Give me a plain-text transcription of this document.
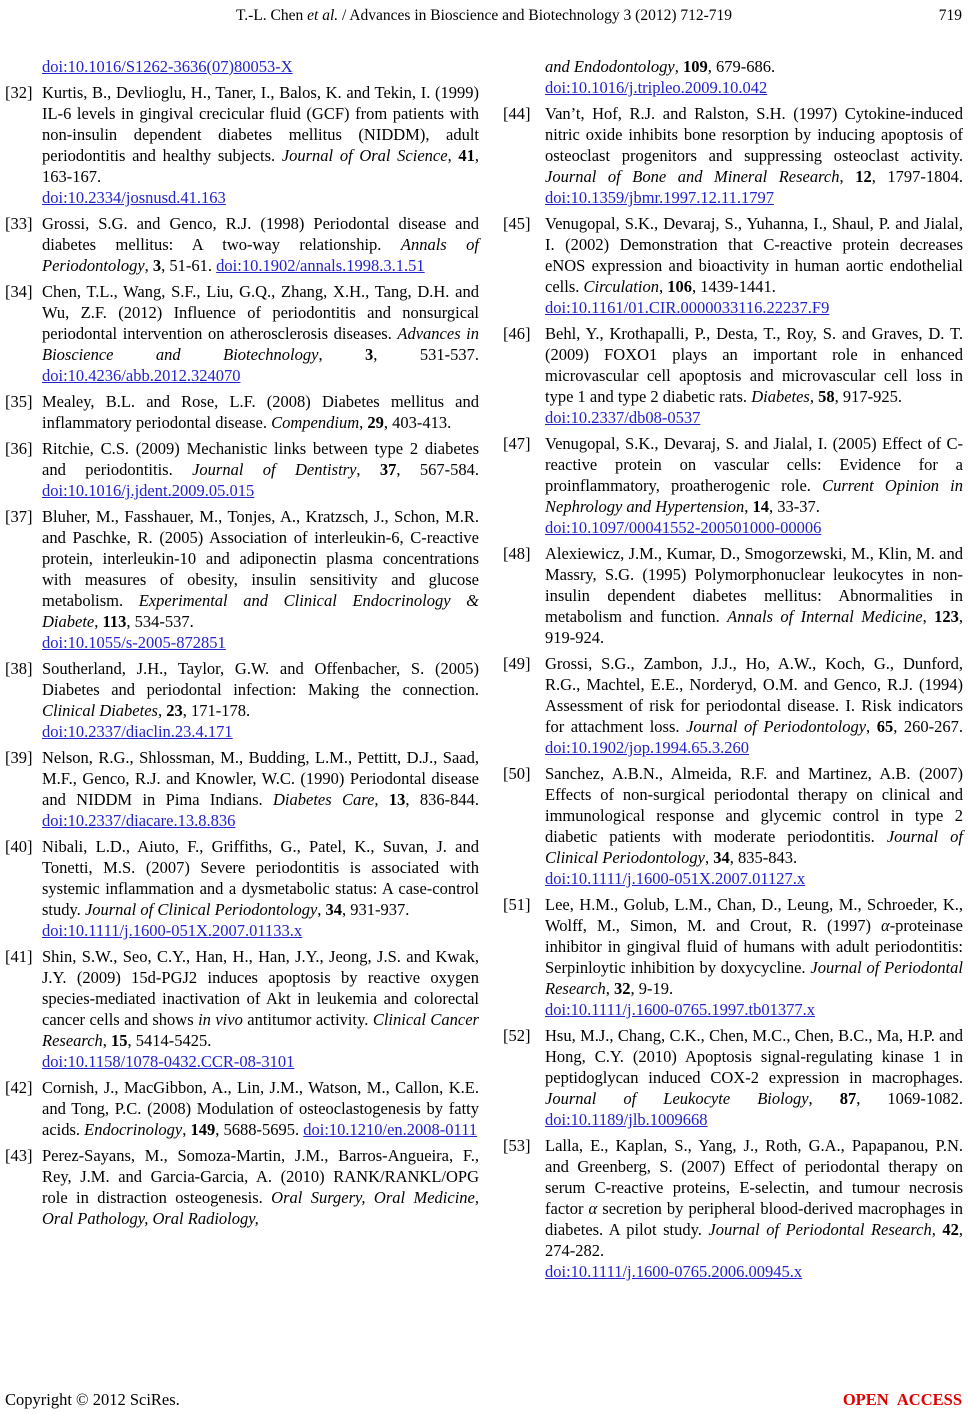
T.-L. Chen et al. / Advances in Bioscience and Biotechnology 3 (2012) 712-719	719
doi:10.1016/S1262-3636(07)80053-X
[32] Kurtis, B., Devlioglu, H., Taner, I., Balos, K. and Tekin, I. (1999) IL-6 levels in gingival crecicular fluid (GCF) from patients with non-insulin dependent diabetes mellitus (NIDDM), adult periodontitis and healthy subjects. Journal of Oral Science, 41, 163-167.
doi:10.2334/josnusd.41.163
[33] Grossi, S.G. and Genco, R.J. (1998) Periodontal disease and diabetes mellitus: A two-way relationship. Annals of Periodontology, 3, 51-61. doi:10.1902/annals.1998.3.1.51
[34] Chen, T.L., Wang, S.F., Liu, G.Q., Zhang, X.H., Tang, D.H. and Wu, Z.F. (2012) Influence of periodontitis and nonsurgical periodontal intervention on atherosclerosis diseases. Advances in Bioscience and Biotechnology, 3, 531-537. doi:10.4236/abb.2012.324070
[35] Mealey, B.L. and Rose, L.F. (2008) Diabetes mellitus and inflammatory periodontal disease. Compendium, 29, 403-413.
[36] Ritchie, C.S. (2009) Mechanistic links between type 2 diabetes and periodontitis. Journal of Dentistry, 37, 567-584. doi:10.1016/j.jdent.2009.05.015
[37] Bluher, M., Fasshauer, M., Tonjes, A., Kratzsch, J., Schon, M.R. and Paschke, R. (2005) Association of interleukin-6, C-reactive protein, interleukin-10 and adiponectin plasma concentrations with measures of obesity, insulin sensitivity and glucose metabolism. Experimental and Clinical Endocrinology & Diabete, 113, 534-537.
doi:10.1055/s-2005-872851
[38] Southerland, J.H., Taylor, G.W. and Offenbacher, S. (2005) Diabetes and periodontal infection: Making the connection. Clinical Diabetes, 23, 171-178.
doi:10.2337/diaclin.23.4.171
[39] Nelson, R.G., Shlossman, M., Budding, L.M., Pettitt, D.J., Saad, M.F., Genco, R.J. and Knowler, W.C. (1990) Periodontal disease and NIDDM in Pima Indians. Diabetes Care, 13, 836-844. doi:10.2337/diacare.13.8.836
[40] Nibali, L.D., Aiuto, F., Griffiths, G., Patel, K., Suvan, J. and Tonetti, M.S. (2007) Severe periodontitis is associated with systemic inflammation and a dysmetabolic status: A case-control study. Journal of Clinical Periodontology, 34, 931-937.
doi:10.1111/j.1600-051X.2007.01133.x
[41] Shin, S.W., Seo, C.Y., Han, H., Han, J.Y., Jeong, J.S. and Kwak, J.Y. (2009) 15d-PGJ2 induces apoptosis by reactive oxygen species-mediated inactivation of Akt in leukemia and colorectal cancer cells and shows in vivo antitumor activity. Clinical Cancer Research, 15, 5414-5425.
doi:10.1158/1078-0432.CCR-08-3101
[42] Cornish, J., MacGibbon, A., Lin, J.M., Watson, M., Callon, K.E. and Tong, P.C. (2008) Modulation of osteoclastogenesis by fatty acids. Endocrinology, 149, 5688-5695. doi:10.1210/en.2008-0111
[43] Perez-Sayans, M., Somoza-Martin, J.M., Barros-Angueira, F., Rey, J.M. and Garcia-Garcia, A. (2010) RANK/RANKL/OPG role in distraction osteogenesis. Oral Surgery, Oral Medicine, Oral Pathology, Oral Radiology,
and Endodontology, 109, 679-686.
doi:10.1016/j.tripleo.2009.10.042
[44] Van’t, Hof, R.J. and Ralston, S.H. (1997) Cytokine-induced nitric oxide inhibits bone resorption by inducing apoptosis of osteoclast progenitors and suppressing osteoclast activity. Journal of Bone and Mineral Research, 12, 1797-1804. doi:10.1359/jbmr.1997.12.11.1797
[45] Venugopal, S.K., Devaraj, S., Yuhanna, I., Shaul, P. and Jialal, I. (2002) Demonstration that C-reactive protein decreases eNOS expression and bioactivity in human aortic endothelial cells. Circulation, 106, 1439-1441.
doi:10.1161/01.CIR.0000033116.22237.F9
[46] Behl, Y., Krothapalli, P., Desta, T., Roy, S. and Graves, D. T. (2009) FOXO1 plays an important role in enhanced microvascular cell apoptosis and microvascular cell loss in type 1 and type 2 diabetic rats. Diabetes, 58, 917-925.
doi:10.2337/db08-0537
[47] Venugopal, S.K., Devaraj, S. and Jialal, I. (2005) Effect of C-reactive protein on vascular cells: Evidence for a proinflammatory, proatherogenic role. Current Opinion in Nephrology and Hypertension, 14, 33-37.
doi:10.1097/00041552-200501000-00006
[48] Alexiewicz, J.M., Kumar, D., Smogorzewski, M., Klin, M. and Massry, S.G. (1995) Polymorphonuclear leukocytes in non-insulin dependent diabetes mellitus: Abnormalities in metabolism and function. Annals of Internal Medicine, 123, 919-924.
[49] Grossi, S.G., Zambon, J.J., Ho, A.W., Koch, G., Dunford, R.G., Machtel, E.E., Norderyd, O.M. and Genco, R.J. (1994) Assessment of risk for periodontal disease. I. Risk indicators for attachment loss. Journal of Periodontology, 65, 260-267. doi:10.1902/jop.1994.65.3.260
[50] Sanchez, A.B.N., Almeida, R.F. and Martinez, A.B. (2007) Effects of non-surgical periodontal therapy on clinical and immunological response and glycemic control in type 2 diabetic patients with moderate periodontitis. Journal of Clinical Periodontology, 34, 835-843.
doi:10.1111/j.1600-051X.2007.01127.x
[51] Lee, H.M., Golub, L.M., Chan, D., Leung, M., Schroeder, K., Wolff, M., Simon, M. and Crout, R. (1997) α-proteinase inhibitor in gingival fluid of humans with adult periodontitis: Serpinloytic inhibition by doxycycline. Journal of Periodontal Research, 32, 9-19.
doi:10.1111/j.1600-0765.1997.tb01377.x
[52] Hsu, M.J., Chang, C.K., Chen, M.C., Chen, B.C., Ma, H.P. and Hong, C.Y. (2010) Apoptosis signal-regulating kinase 1 in peptidoglycan induced COX-2 expression in macrophages. Journal of Leukocyte Biology, 87, 1069-1082. doi:10.1189/jlb.1009668
[53] Lalla, E., Kaplan, S., Yang, J., Roth, G.A., Papapanou, P.N. and Greenberg, S. (2007) Effect of periodontal therapy on serum C-reactive proteins, E-selectin, and tumour necrosis factor α secretion by peripheral blood-derived macrophages in diabetes. A pilot study. Journal of Periodontal Research, 42, 274-282.
doi:10.1111/j.1600-0765.2006.00945.x
Copyright © 2012 SciRes.	OPEN ACCESS
